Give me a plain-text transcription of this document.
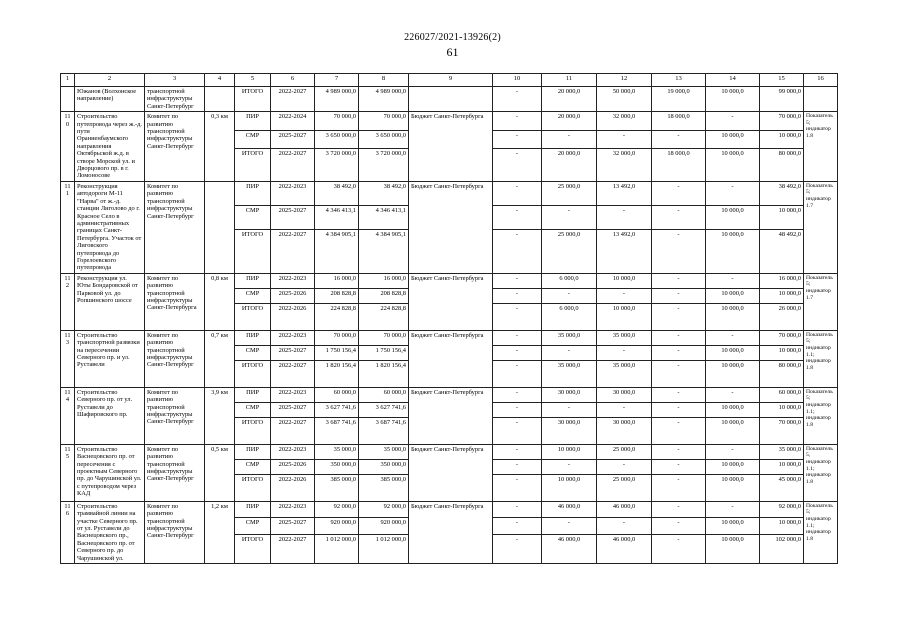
226027/2021-13926(2)
61
1	2	3	4	5	6	7	8	9	10	11	12	13	14	15	16
	Южанов (Волхонское направление)	транспортной инфраструктуры Санкт-Петербург		ИТОГО	2022-2027	4 989 000,0	4 989 000,0		-	20 000,0	50 000,0	19 000,0	10 000,0	99 000,0	
110	Строительство путепровода через ж.-д. пути Ораниенбаумского направления Октябрьской ж.д. в створе Морской ул. и Дворцового пр. в г. Ломоносове	Комитет по развитию транспортной инфраструктуры Санкт-Петербург	0,3 км	ПИР	2022-2024	70 000,0	70 000,0	Бюджет Санкт-Петербурга	-	20 000,0	32 000,0	18 000,0	-	70 000,0	Показатель 5; индикатор 1.8
				СМР	2025-2027	3 650 000,0	3 650 000,0		-	-	-	-	10 000,0	10 000,0	
				ИТОГО	2022-2027	3 720 000,0	3 720 000,0		-	20 000,0	32 000,0	18 000,0	10 000,0	80 000,0	
111	Реконструкция автодороги М-11 "Нарва" от ж.-д. станции Лиголово до г. Красное Село в административных границах Санкт-Петербурга. Участок от Лиговского путепровода до Горелоевского путепровода	Комитет по развитию транспортной инфраструктуры Санкт-Петербург		ПИР	2022-2023	38 492,0	38 492,0	Бюджет Санкт-Петербурга	-	25 000,0	13 492,0	-	-	38 492,0	Показатель 5; индикатор 1.7
				СМР	2025-2027	4 346 413,1	4 346 413,1		-	-	-	-	10 000,0	10 000,0	
				ИТОГО	2022-2027	4 384 905,1	4 384 905,1		-	25 000,0	13 492,0	-	10 000,0	48 492,0	
112	Реконструкция ул. Юты Бондаровской от Парковой ул. до Ропшинского шоссе	Комитет по развитию транспортной инфраструктуры Санкт-Петербурга	0,8 км	ПИР	2022-2023	16 000,0	16 000,0	Бюджет Санкт-Петербурга	-	6 000,0	10 000,0	-	-	16 000,0	Показатель 5; индикатор 1.7
				СМР	2025-2026	208 828,8	208 828,8		-	-	-	-	10 000,0	10 000,0	
				ИТОГО	2022-2026	224 828,8	224 828,8		-	6 000,0	10 000,0	-	10 000,0	26 000,0	
113	Строительство транспортной развязки на пересечении Северного пр. и ул. Руставели	Комитет по развитию транспортной инфраструктуры Санкт-Петербург	0,7 км	ПИР	2022-2023	70 000,0	70 000,0	Бюджет Санкт-Петербурга	-	35 000,0	35 000,0	-	-	70 000,0	Показатель 5; индикатор 1.1; индикатор 1.8
				СМР	2025-2027	1 750 156,4	1 750 156,4		-	-	-	-	10 000,0	10 000,0	
				ИТОГО	2022-2027	1 820 156,4	1 820 156,4		-	35 000,0	35 000,0	-	10 000,0	80 000,0	
114	Строительство Северного пр. от ул. Руставели до Шафировского пр.	Комитет по развитию транспортной инфраструктуры Санкт-Петербург	3,9 км	ПИР	2022-2023	60 000,0	60 000,0	Бюджет Санкт-Петербурга	-	30 000,0	30 000,0	-	-	60 000,0	Показатель 5; индикатор 1.1; индикатор 1.8
				СМР	2025-2027	3 627 741,6	3 627 741,6		-	-	-	-	10 000,0	10 000,0	
				ИТОГО	2022-2027	3 687 741,6	3 687 741,6		-	30 000,0	30 000,0	-	10 000,0	70 000,0	
115	Строительство Васнецовского пр. от пересечения с проектным Северного пр. до Чарушинской ул. с путепроводом через КАД	Комитет по развитию транспортной инфраструктуры Санкт-Петербург	0,5 км	ПИР	2022-2023	35 000,0	35 000,0	Бюджет Санкт-Петербурга	-	10 000,0	25 000,0	-	-	35 000,0	Показатель 5, индикатор 1.1; индикатор 1.8
				СМР	2025-2026	350 000,0	350 000,0		-	-	-	-	10 000,0	10 000,0	
				ИТОГО	2022-2026	385 000,0	385 000,0		-	10 000,0	25 000,0	-	10 000,0	45 000,0	
116	Строительство трамвайной линии на участке Северного пр. от ул. Руставели до Васнецовского пр., Васнецовского пр. от Северного пр. до Чарушинской ул.	Комитет по развитию транспортной инфраструктуры Санкт-Петербург	1,2 км	ПИР	2022-2023	92 000,0	92 000,0	Бюджет Санкт-Петербурга	-	46 000,0	46 000,0	-	-	92 000,0	Показатель 5; индикатор 1.1; индикатор 1.8
				СМР	2025-2027	920 000,0	920 000,0		-	-	-	-	10 000,0	10 000,0	
				ИТОГО	2022-2027	1 012 000,0	1 012 000,0		-	46 000,0	46 000,0	-	10 000,0	102 000,0	
